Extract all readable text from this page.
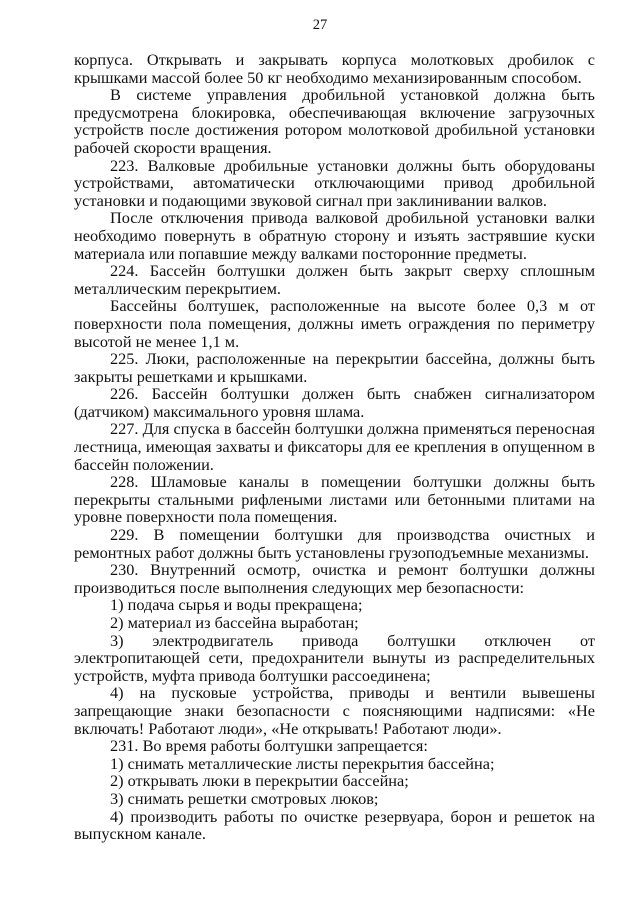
27

корпуса. Открывать и закрывать корпуса молотковых дробилок с крышками массой более 50 кг необходимо механизированным способом.

В системе управления дробильной установкой должна быть предусмотрена блокировка, обеспечивающая включение загрузочных устройств после достижения ротором молотковой дробильной установки рабочей скорости вращения.

223. Валковые дробильные установки должны быть оборудованы устройствами, автоматически отключающими привод дробильной установки и подающими звуковой сигнал при заклинивании валков.

После отключения привода валковой дробильной установки валки необходимо повернуть в обратную сторону и изъять застрявшие куски материала или попавшие между валками посторонние предметы.

224. Бассейн болтушки должен быть закрыт сверху сплошным металлическим перекрытием.

Бассейны болтушек, расположенные на высоте более 0,3 м от поверхности пола помещения, должны иметь ограждения по периметру высотой не менее 1,1 м.

225. Люки, расположенные на перекрытии бассейна, должны быть закрыты решетками и крышками.

226. Бассейн болтушки должен быть снабжен сигнализатором (датчиком) максимального уровня шлама.

227. Для спуска в бассейн болтушки должна применяться переносная лестница, имеющая захваты и фиксаторы для ее крепления в опущенном в бассейн положении.

228. Шламовые каналы в помещении болтушки должны быть перекрыты стальными рифлеными листами или бетонными плитами на уровне поверхности пола помещения.

229. В помещении болтушки для производства очистных и ремонтных работ должны быть установлены грузоподъемные механизмы.

230. Внутренний осмотр, очистка и ремонт болтушки должны производиться после выполнения следующих мер безопасности:

1) подача сырья и воды прекращена;

2) материал из бассейна выработан;

3) электродвигатель привода болтушки отключен от электропитающей сети, предохранители вынуты из распределительных устройств, муфта привода болтушки рассоединена;

4) на пусковые устройства, приводы и вентили вывешены запрещающие знаки безопасности с поясняющими надписями: «Не включать! Работают люди», «Не открывать! Работают люди».

231. Во время работы болтушки запрещается:

1) снимать металлические листы перекрытия бассейна;

2) открывать люки в перекрытии бассейна;

3) снимать решетки смотровых люков;

4) производить работы по очистке резервуара, борон и решеток на выпускном канале.
